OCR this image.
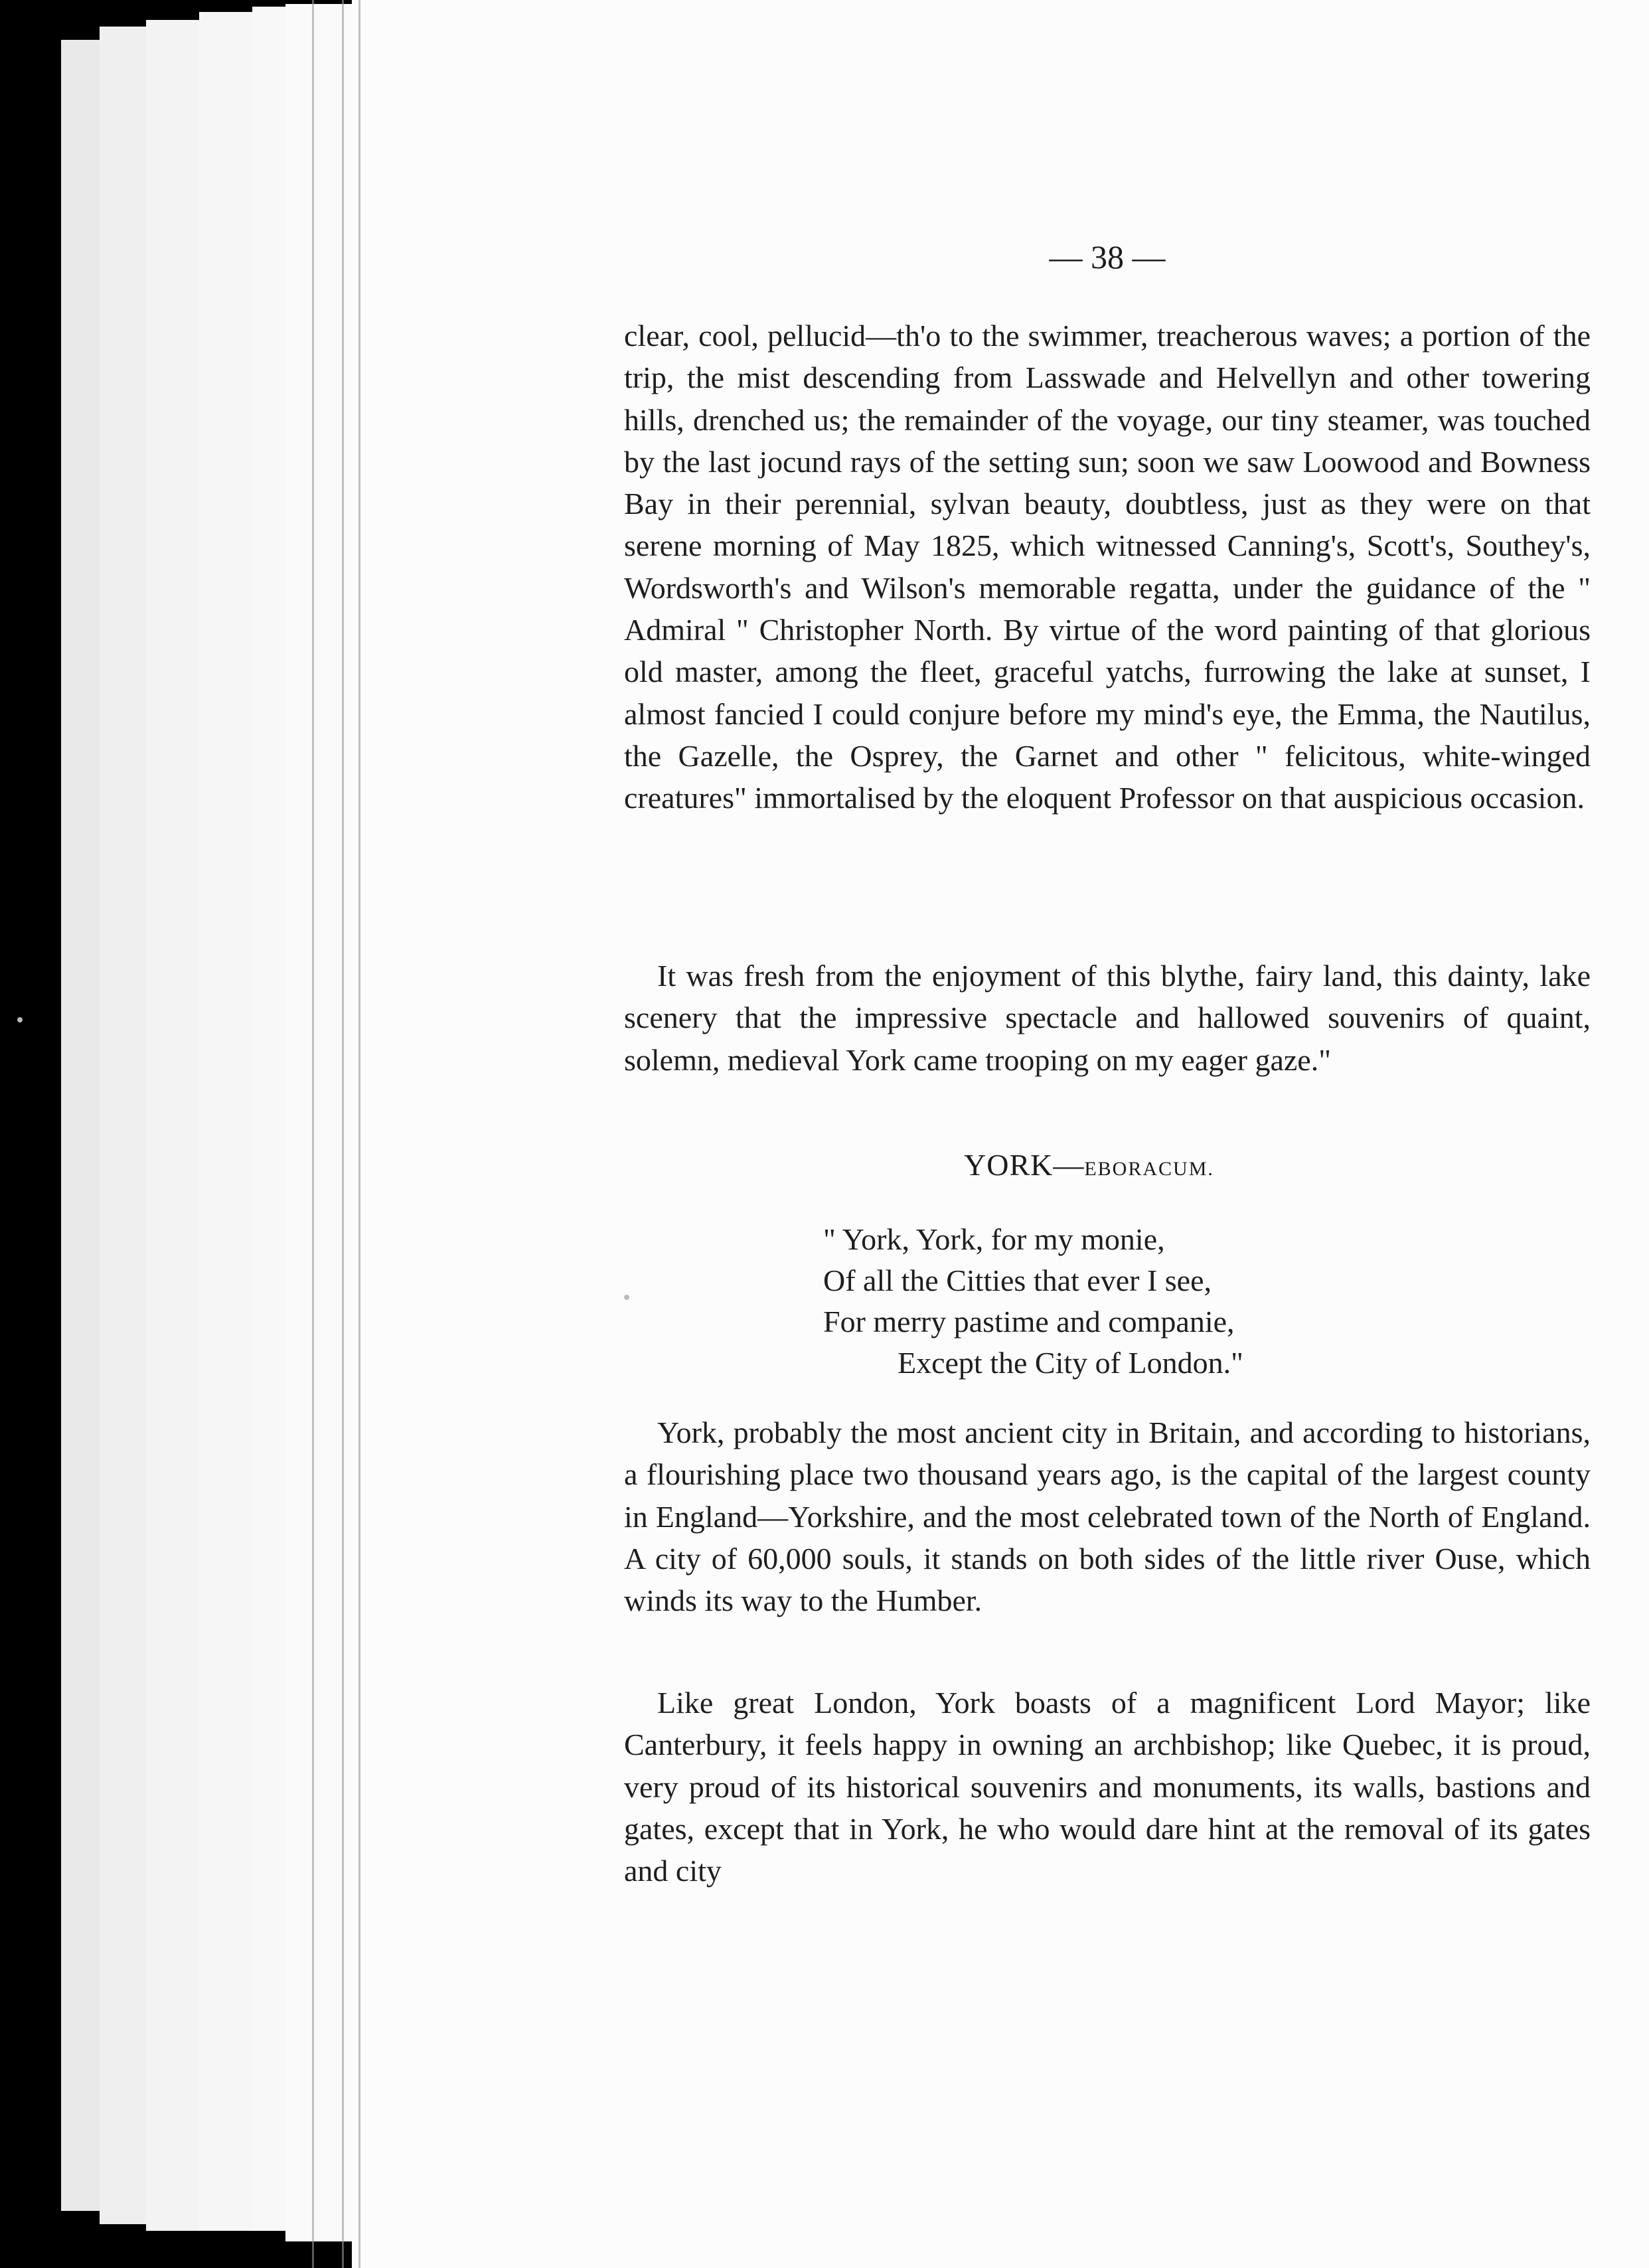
— 38 —

clear, cool, pellucid—th'o to the swimmer, treacherous waves; a portion of the trip, the mist descending from Lasswade and Helvellyn and other towering hills, drenched us; the remainder of the voyage, our tiny steamer, was touched by the last jocund rays of the setting sun; soon we saw Loowood and Bowness Bay in their perennial, sylvan beauty, doubtless, just as they were on that serene morning of May 1825, which witnessed Canning's, Scott's, Southey's, Wordsworth's and Wilson's memorable regatta, under the guidance of the " Admiral " Christopher North. By virtue of the word painting of that glorious old master, among the fleet, graceful yatchs, furrowing the lake at sunset, I almost fancied I could conjure before my mind's eye, the Emma, the Nautilus, the Gazelle, the Osprey, the Garnet and other " felicitous, white-winged creatures" immortalised by the eloquent Professor on that auspicious occasion.

It was fresh from the enjoyment of this blythe, fairy land, this dainty, lake scenery that the impressive spectacle and hallowed souvenirs of quaint, solemn, medieval York came trooping on my eager gaze."

YORK—EBORACUM.
" York, York, for my monie,
Of all the Citties that ever I see,
For merry pastime and companie,
Except the City of London."

York, probably the most ancient city in Britain, and according to historians, a flourishing place two thousand years ago, is the capital of the largest county in England—Yorkshire, and the most celebrated town of the North of England. A city of 60,000 souls, it stands on both sides of the little river Ouse, which winds its way to the Humber.

Like great London, York boasts of a magnificent Lord Mayor; like Canterbury, it feels happy in owning an archbishop; like Quebec, it is proud, very proud of its historical souvenirs and monuments, its walls, bastions and gates, except that in York, he who would dare hint at the removal of its gates and city
